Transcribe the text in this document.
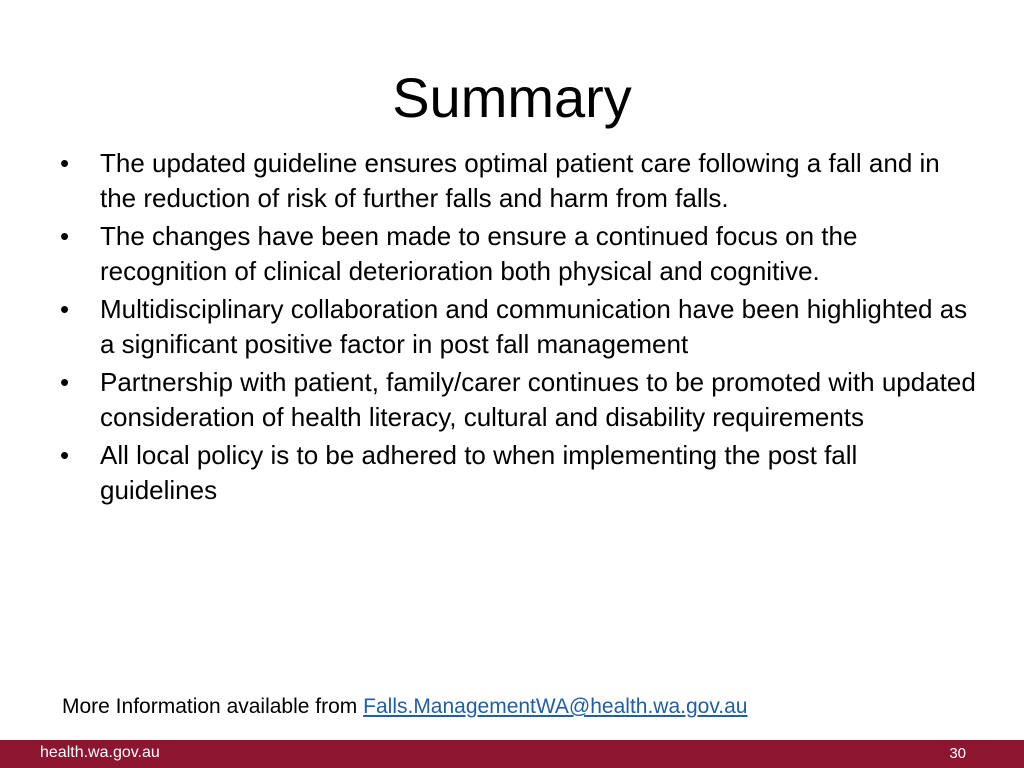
Summary
• The updated guideline ensures optimal patient care following a fall and in the reduction of risk of further falls and harm from falls.
• The changes have been made to ensure a continued focus on the recognition of clinical deterioration both physical and cognitive.
• Multidisciplinary collaboration and communication have been highlighted as a significant positive factor in post fall management
• Partnership with patient, family/carer continues to be promoted with updated consideration of health literacy, cultural and disability requirements
• All local policy is to be adhered to when implementing the post fall guidelines
More Information available from Falls.ManagementWA@health.wa.gov.au
health.wa.gov.au	30
